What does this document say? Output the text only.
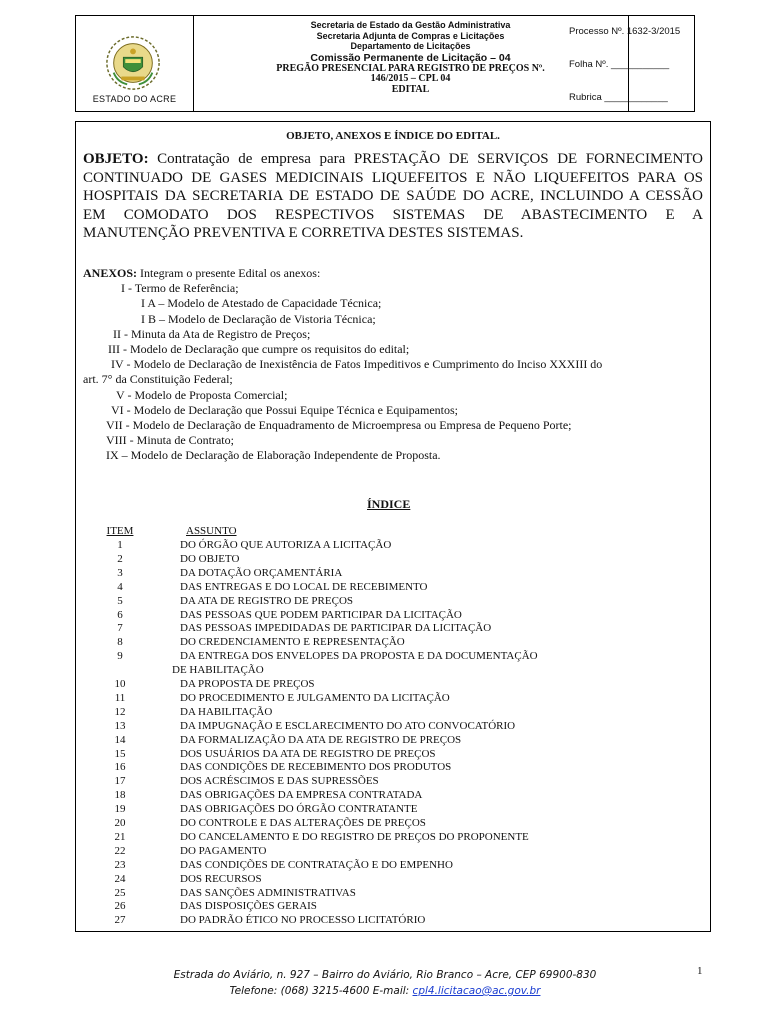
ESTADO DO ACRE
Secretaria de Estado da Gestão Administrativa
Secretaria Adjunta de Compras e Licitações
Departamento de Licitações
Comissão Permanente de Licitação – 04
PREGÃO PRESENCIAL PARA REGISTRO DE PREÇOS Nº.
146/2015 – CPL 04
EDITAL
Processo Nº. 1632-3/2015
Folha Nº. ___________
Rubrica ____________
OBJETO, ANEXOS E ÍNDICE DO EDITAL.
OBJETO: Contratação de empresa para PRESTAÇÃO DE SERVIÇOS DE FORNECIMENTO
CONTINUADO DE GASES MEDICINAIS LIQUEFEITOS E NÃO LIQUEFEITOS PARA OS
HOSPITAIS DA SECRETARIA DE ESTADO DE SAÚDE DO ACRE, INCLUINDO A CESSÃO
EM COMODATO DOS RESPECTIVOS SISTEMAS DE ABASTECIMENTO E A
MANUTENÇÃO PREVENTIVA E CORRETIVA DESTES SISTEMAS.

ANEXOS: Integram o presente Edital os anexos:

I - Termo de Referência;

I A – Modelo de Atestado de Capacidade Técnica;

I B – Modelo de Declaração de Vistoria Técnica;

II - Minuta da Ata de Registro de Preços;

III - Modelo de Declaração que cumpre os requisitos do edital;

IV - Modelo de Declaração de Inexistência de Fatos Impeditivos e Cumprimento do Inciso XXXIII do

art. 7° da Constituição Federal;

V - Modelo de Proposta Comercial;

VI - Modelo de Declaração que Possui Equipe Técnica e Equipamentos;

VII - Modelo de Declaração de Enquadramento de Microempresa ou Empresa de Pequeno Porte;

VIII - Minuta de Contrato;

IX – Modelo de Declaração de Elaboração Independente de Proposta.

ÍNDICE
ITEM	ASSUNTO
1	DO ÓRGÃO QUE AUTORIZA A LICITAÇÃO
2	DO OBJETO
3	DA DOTAÇÃO ORÇAMENTÁRIA
4	DAS ENTREGAS E DO LOCAL DE RECEBIMENTO
5	DA ATA DE REGISTRO DE PREÇOS
6	DAS PESSOAS QUE PODEM PARTICIPAR DA LICITAÇÃO
7	DAS PESSOAS IMPEDIDADAS DE PARTICIPAR DA LICITAÇÃO
8	DO CREDENCIAMENTO E REPRESENTAÇÃO
9	DA ENTREGA DOS ENVELOPES DA PROPOSTA E DA DOCUMENTAÇÃO
DE HABILITAÇÃO
10	DA PROPOSTA DE PREÇOS
11	DO PROCEDIMENTO E JULGAMENTO DA LICITAÇÃO
12	DA HABILITAÇÃO
13	DA IMPUGNAÇÃO E ESCLARECIMENTO DO ATO CONVOCATÓRIO
14	DA FORMALIZAÇÃO DA ATA DE REGISTRO DE PREÇOS
15	DOS USUÁRIOS DA ATA DE REGISTRO DE PREÇOS
16	DAS CONDIÇÕES DE RECEBIMENTO DOS PRODUTOS
17	DOS ACRÉSCIMOS E DAS SUPRESSÕES
18	DAS OBRIGAÇÕES DA EMPRESA CONTRATADA
19	DAS OBRIGAÇÕES DO ÓRGÃO CONTRATANTE
20	DO CONTROLE E DAS ALTERAÇÕES DE PREÇOS
21	DO CANCELAMENTO E DO REGISTRO DE PREÇOS DO PROPONENTE
22	DO PAGAMENTO
23	DAS CONDIÇÕES DE CONTRATAÇÃO E DO EMPENHO
24	DOS RECURSOS
25	DAS SANÇÕES ADMINISTRATIVAS
26	DAS DISPOSIÇÕES GERAIS
27	DO PADRÃO ÉTICO NO PROCESSO LICITATÓRIO
Estrada do Aviário, n. 927 – Bairro do Aviário, Rio Branco – Acre, CEP 69900-830
Telefone: (068) 3215-4600 E-mail: cpl4.licitacao@ac.gov.br
1
